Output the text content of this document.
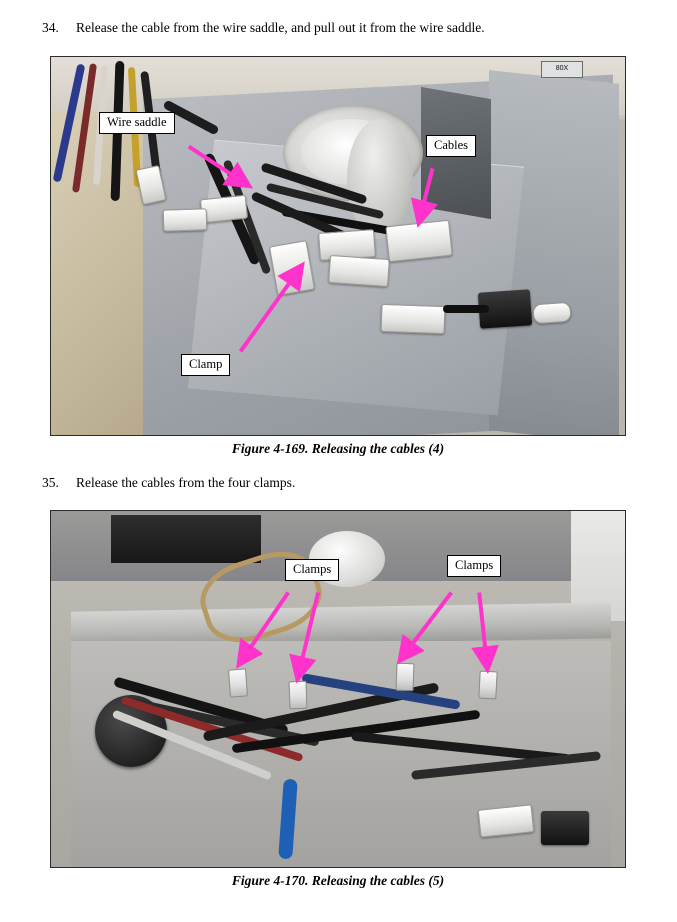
34.	Release the cable from the wire saddle, and pull out it from the wire saddle.
80X
Wire saddle
Cables
Clamp
Figure 4-169. Releasing the cables (4)
35.	Release the cables from the four clamps.
Clamps	Clamps
Figure 4-170. Releasing the cables (5)
